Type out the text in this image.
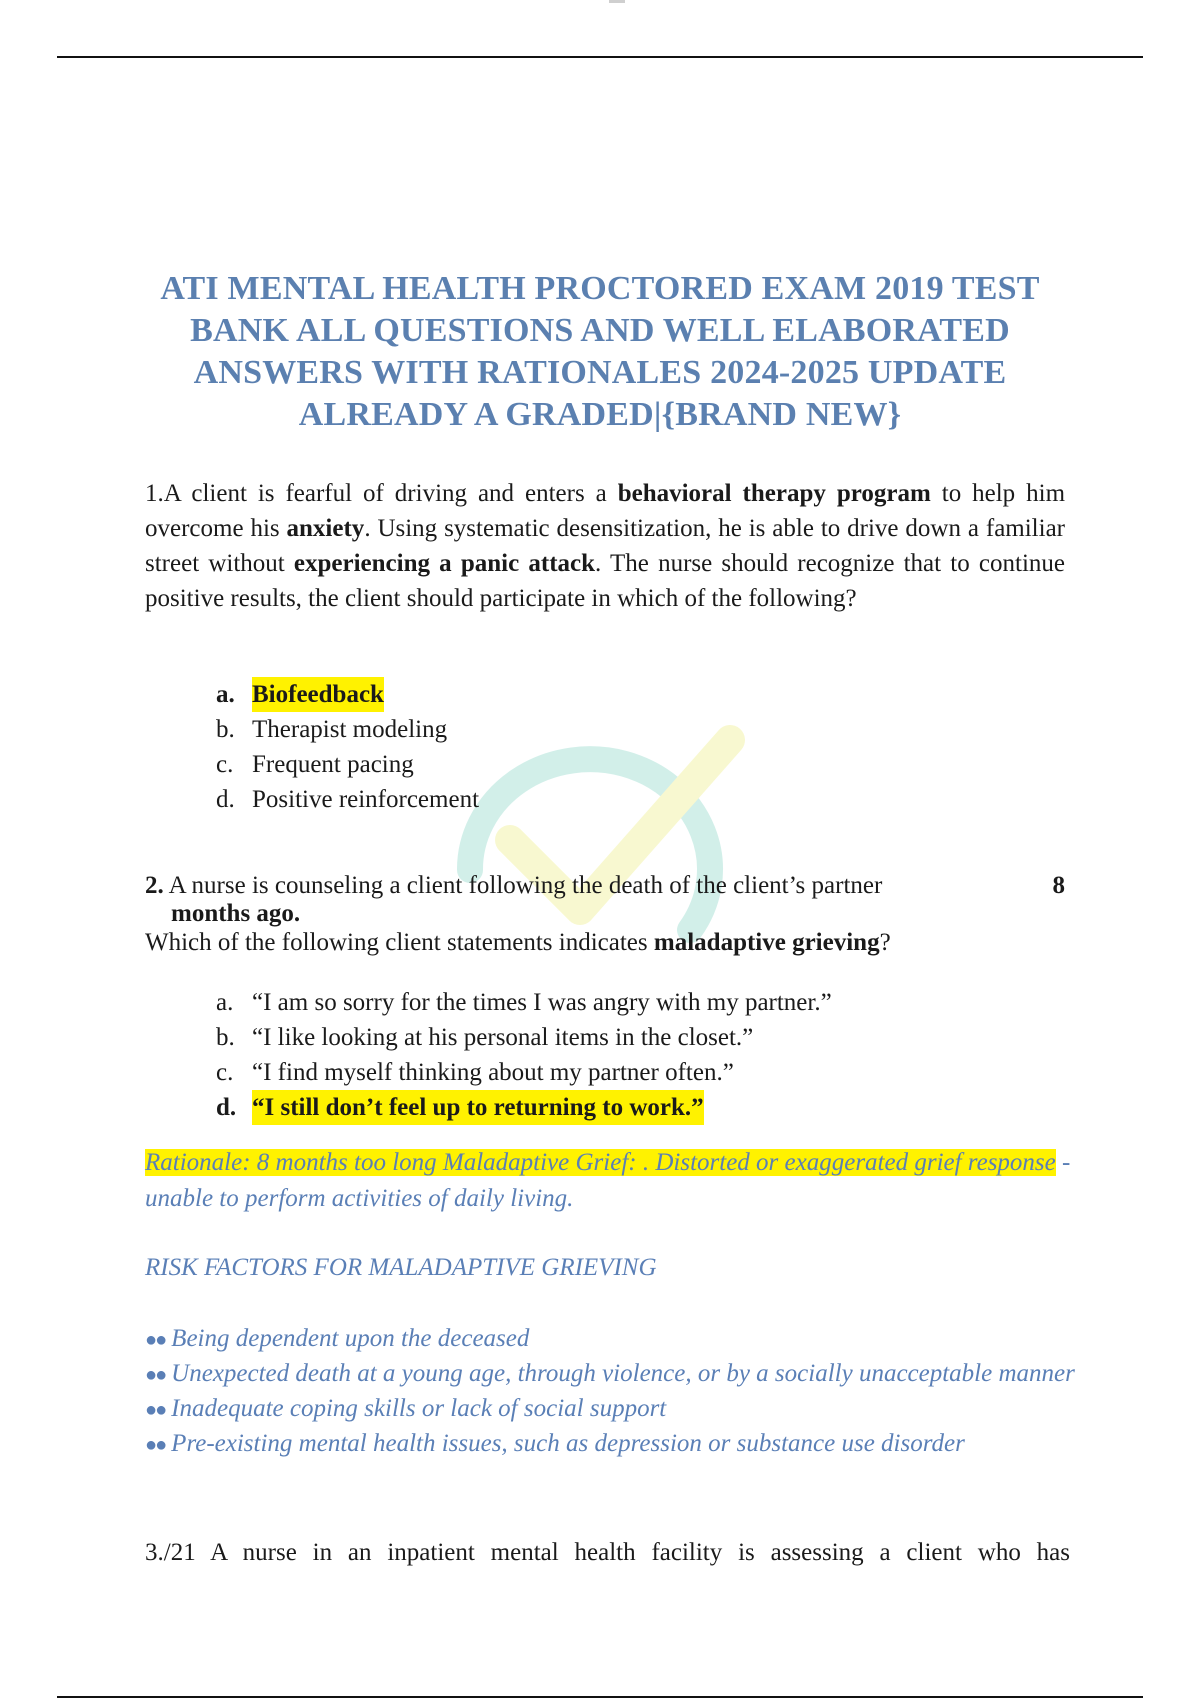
ATI MENTAL HEALTH PROCTORED EXAM 2019 TEST BANK ALL QUESTIONS AND WELL ELABORATED ANSWERS WITH RATIONALES 2024-2025 UPDATE ALREADY A GRADED|{BRAND NEW}
1.A client is fearful of driving and enters a behavioral therapy program to help him overcome his anxiety. Using systematic desensitization, he is able to drive down a familiar street without experiencing a panic attack. The nurse should recognize that to continue positive results, the client should participate in which of the following?
a. Biofeedback
b. Therapist modeling
c. Frequent pacing
d. Positive reinforcement
2. A nurse is counseling a client following the death of the client’s partner	8
months ago.
Which of the following client statements indicates maladaptive grieving?
a. “I am so sorry for the times I was angry with my partner.”
b. “I like looking at his personal items in the closet.”
c. “I find myself thinking about my partner often.”
d. “I still don’t feel up to returning to work.”
Rationale: 8 months too long Maladaptive Grief: . Distorted or exaggerated grief response - unable to perform activities of daily living.
RISK FACTORS FOR MALADAPTIVE GRIEVING
●● Being dependent upon the deceased
●● Unexpected death at a young age, through violence, or by a socially unacceptable manner
●● Inadequate coping skills or lack of social support
●● Pre-existing mental health issues, such as depression or substance use disorder
3./21 A nurse in an inpatient mental health facility is assessing a client who has
